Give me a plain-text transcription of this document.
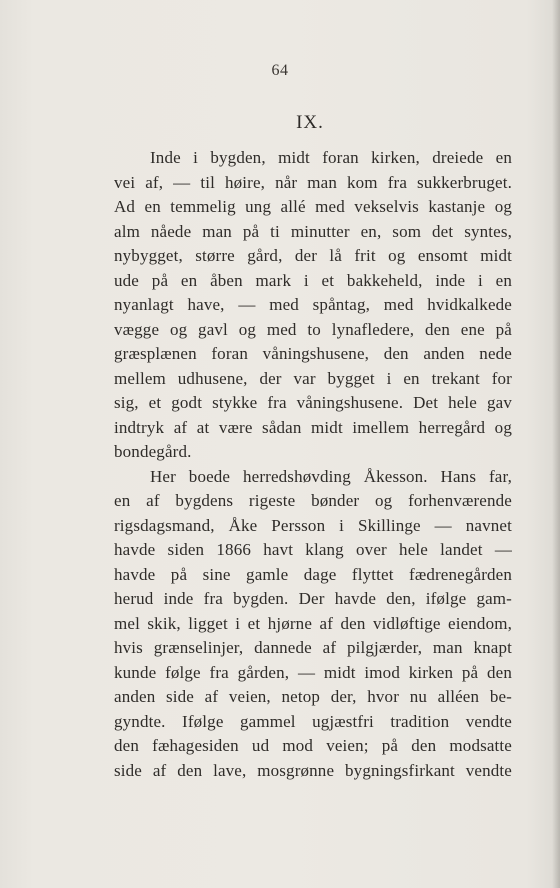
64
IX.
Inde i bygden, midt foran kirken, dreiede en
vei af, — til høire, når man kom fra sukkerbruget.
Ad en temmelig ung allé med vekselvis kastanje og
alm nåede man på ti minutter en, som det syntes,
nybygget, større gård, der lå frit og ensomt midt
ude på en åben mark i et bakkeheld, inde i en
nyanlagt have, — med spåntag, med hvidkalkede
vægge og gavl og med to lynafledere, den ene på
græsplænen foran våningshusene, den anden nede
mellem udhusene, der var bygget i en trekant for
sig, et godt stykke fra våningshusene. Det hele gav
indtryk af at være sådan midt imellem herregård og
bondegård.
Her boede herredshøvding Åkesson. Hans far,
en af bygdens rigeste bønder og forhenværende
rigsdagsmand, Åke Persson i Skillinge — navnet
havde siden 1866 havt klang over hele landet —
havde på sine gamle dage flyttet fædrenegården
herud inde fra bygden. Der havde den, ifølge gam-
mel skik, ligget i et hjørne af den vidløftige eiendom,
hvis grænselinjer, dannede af pilgjærder, man knapt
kunde følge fra gården, — midt imod kirken på den
anden side af veien, netop der, hvor nu alléen be-
gyndte. Ifølge gammel ugjæstfri tradition vendte
den fæhagesiden ud mod veien; på den modsatte
side af den lave, mosgrønne bygningsfirkant vendte
